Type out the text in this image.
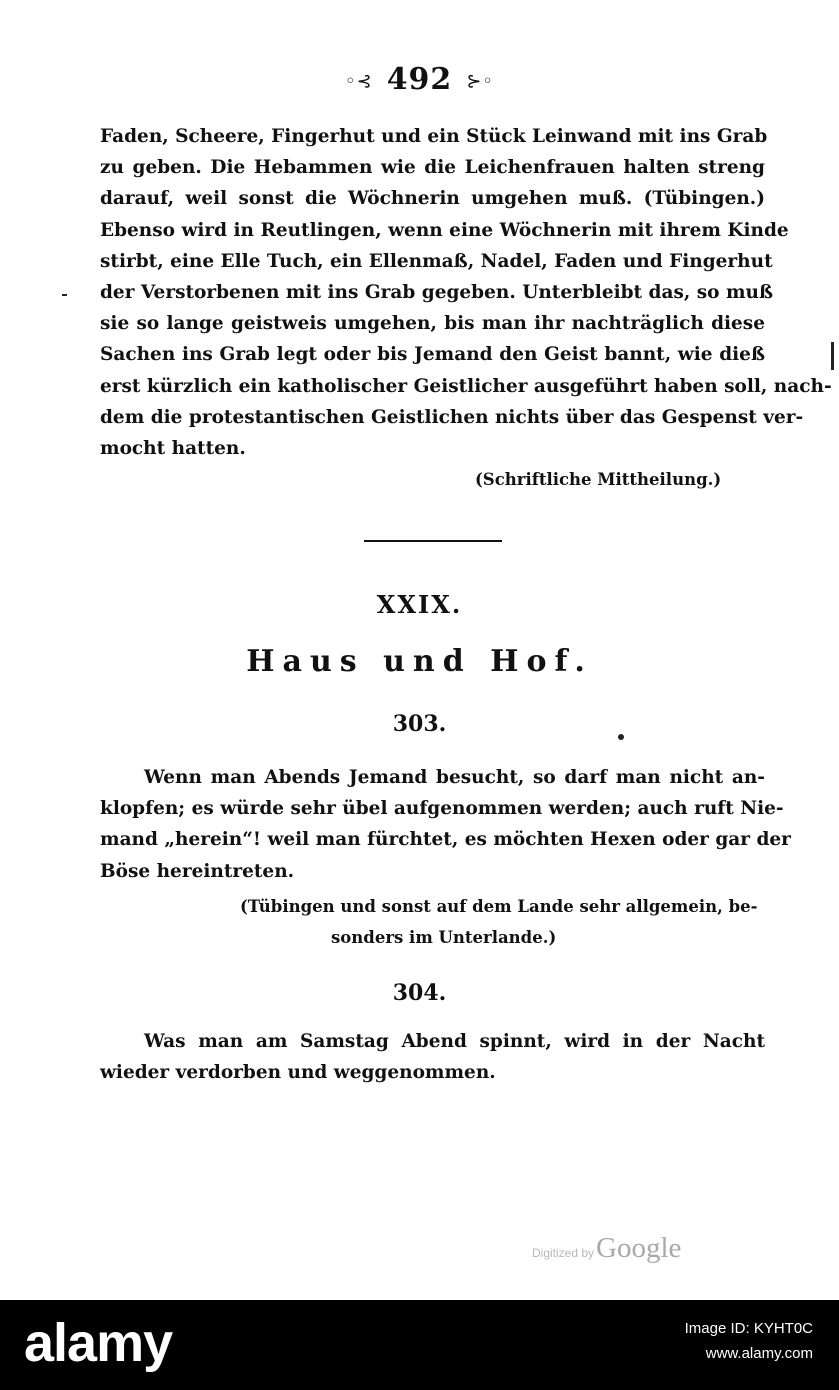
◦⊰ 492 ⊱◦
Faden, Scheere, Fingerhut und ein Stück Leinwand mit ins Grab
zu geben. Die Hebammen wie die Leichenfrauen halten streng
darauf, weil sonst die Wöchnerin umgehen muß. (Tübingen.)
Ebenso wird in Reutlingen, wenn eine Wöchnerin mit ihrem Kinde
stirbt, eine Elle Tuch, ein Ellenmaß, Nadel, Faden und Fingerhut
der Verstorbenen mit ins Grab gegeben. Unterbleibt das, so muß
sie so lange geistweis umgehen, bis man ihr nachträglich diese
Sachen ins Grab legt oder bis Jemand den Geist bannt, wie dieß
erst kürzlich ein katholischer Geistlicher ausgeführt haben soll, nach-
dem die protestantischen Geistlichen nichts über das Gespenst ver-
mocht hatten.
(Schriftliche Mittheilung.)
XXIX.
Haus und Hof.
303.
Wenn man Abends Jemand besucht, so darf man nicht an-
klopfen; es würde sehr übel aufgenommen werden; auch ruft Nie-
mand „herein“! weil man fürchtet, es möchten Hexen oder gar der
Böse hereintreten.
(Tübingen und sonst auf dem Lande sehr allgemein, be-
sonders im Unterlande.)
304.
Was man am Samstag Abend spinnt, wird in der Nacht
wieder verdorben und weggenommen.
Digitized byGoogle
alamy	Image ID: KYHT0C
www.alamy.com
